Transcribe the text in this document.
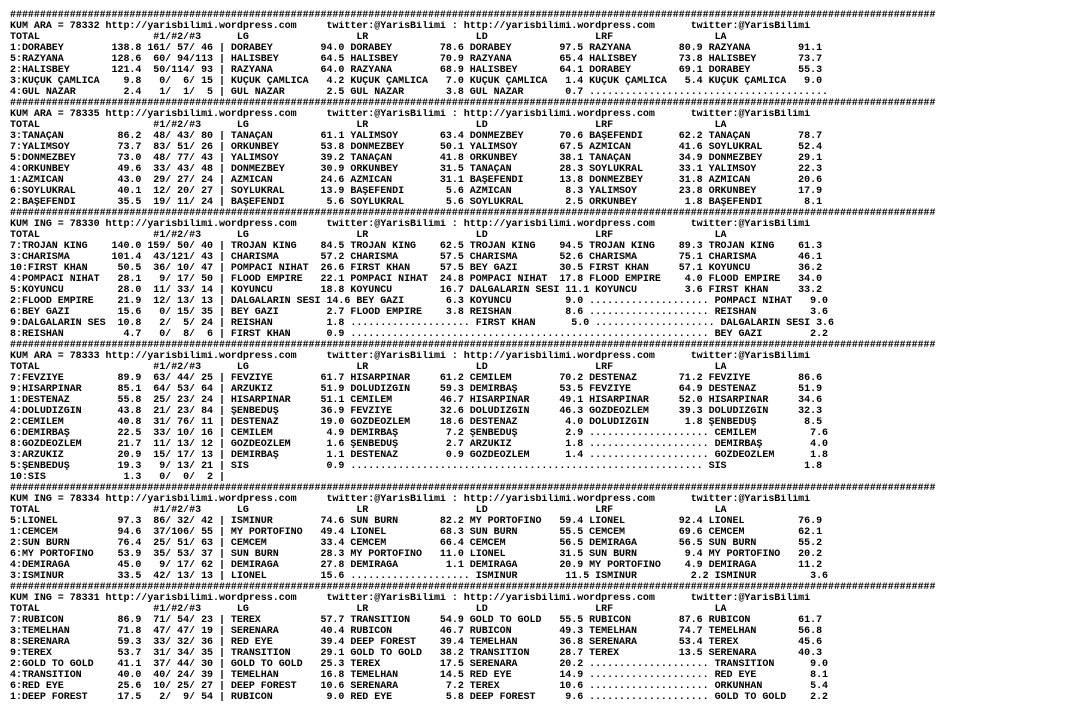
###########################################################################################################################################################
KUM ARA = 78332 http://yarisbilimi.wordpress.com     twitter:@YarisBilimi : http://yarisbilimi.wordpress.com      twitter:@YarisBilimi
TOTAL                   #1/#2/#3      LG                  LR                  LD                  LRF                 LA
1:DORABEY        138.8 161/ 57/ 46 | DORABEY        94.0 DORABEY        78.6 DORABEY        97.5 RAZYANA        80.9 RAZYANA        91.1
5:RAZYANA        128.6  60/ 94/113 | HALISBEY       64.5 HALISBEY       70.9 RAZYANA        65.4 HALISBEY       73.8 HALISBEY       73.7
2:HALISBEY       121.4  50/114/ 93 | RAZYANA        64.0 RAZYANA        68.9 HALISBEY       64.1 DORABEY        69.1 DORABEY        55.3
3:KÜÇÜK ÇAMLICA    9.8   0/  6/ 15 | KÜÇÜK ÇAMLICA   4.2 KÜÇÜK ÇAMLICA   7.0 KÜÇÜK ÇAMLICA   1.4 KÜÇÜK ÇAMLICA   5.4 KÜÇÜK ÇAMLICA   9.0
4:GÜL NAZAR        2.4   1/  1/  5 | GÜL NAZAR       2.5 GÜL NAZAR       3.8 GÜL NAZAR       0.7 ........................................
###########################################################################################################################################################
KUM ARA = 78335 http://yarisbilimi.wordpress.com     twitter:@YarisBilimi : http://yarisbilimi.wordpress.com      twitter:@YarisBilimi
TOTAL                   #1/#2/#3      LG                  LR                  LD                  LRF                 LA
3:TANAÇAN         86.2  48/ 43/ 80 | TANAÇAN        61.1 YALIMSOY       63.4 DÖNMEZBEY      70.6 BAŞEFENDİ      62.2 TANAÇAN        78.7
7:YALIMSOY        73.7  83/ 51/ 26 | ORKUNBEY       53.8 DÖNMEZBEY      50.1 YALIMSOY       67.5 AZMİCAN        41.6 SOYLUKRAL      52.4
5:DÖNMEZBEY       73.0  48/ 77/ 43 | YALIMSOY       39.2 TANAÇAN        41.8 ORKUNBEY       38.1 TANAÇAN        34.9 DÖNMEZBEY      29.1
4:ORKUNBEY        49.6  33/ 43/ 48 | DÖNMEZBEY      30.9 ORKUNBEY       31.5 TANAÇAN        28.3 SOYLUKRAL      33.1 YALIMSOY       22.3
1:AZMİCAN         43.0  29/ 27/ 24 | AZMİCAN        24.6 AZMİCAN        31.1 BAŞEFENDİ      13.8 DÖNMEZBEY      31.8 AZMİCAN        20.6
6:SOYLUKRAL       40.1  12/ 20/ 27 | SOYLUKRAL      13.9 BAŞEFENDİ       5.6 AZMİCAN         8.3 YALIMSOY       23.8 ORKUNBEY       17.9
2:BAŞEFENDİ       35.5  19/ 11/ 24 | BAŞEFENDİ       5.6 SOYLUKRAL       5.6 SOYLUKRAL       2.5 ORKUNBEY        1.8 BAŞEFENDİ       8.1
###########################################################################################################################################################
KUM ING = 78330 http://yarisbilimi.wordpress.com     twitter:@YarisBilimi : http://yarisbilimi.wordpress.com      twitter:@YarisBilimi
TOTAL                   #1/#2/#3      LG                  LR                  LD                  LRF                 LA
7:TROJAN KING    140.0 159/ 50/ 40 | TROJAN KING    84.5 TROJAN KING    62.5 TROJAN KING    94.5 TROJAN KING    89.3 TROJAN KING    61.3
3:CHARISMA       101.4  43/121/ 43 | CHARISMA       57.2 CHARISMA       57.5 CHARISMA       52.6 CHARISMA       75.1 CHARISMA       46.1
10:FIRST KHAN     50.5  36/ 10/ 47 | POMPACI NİHAT  26.6 FIRST KHAN     57.5 BEY GAZİ       30.5 FIRST KHAN     57.1 KOYUNCU        36.2
4:POMPACI NİHAT   28.1   9/ 17/ 50 | FLOOD EMPIRE   22.1 POMPACI NİHAT  24.8 POMPACI NİHAT  17.8 FLOOD EMPIRE    4.0 FLOOD EMPIRE   34.0
5:KOYUNCU         28.0  11/ 33/ 14 | KOYUNCU        18.8 KOYUNCU        16.7 DALGALARIN SESİ 11.1 KOYUNCU        3.6 FIRST KHAN     33.2
2:FLOOD EMPIRE    21.9  12/ 13/ 13 | DALGALARIN SESİ 14.6 BEY GAZİ       6.3 KOYUNCU         9.0 .................... POMPACI NİHAT   9.0
6:BEY GAZİ        15.6   0/ 15/ 35 | BEY GAZİ        2.7 FLOOD EMPIRE    3.8 REİSHAN         8.6 .................... REİSHAN         3.6
9:DALGALARIN SES  10.8   2/  5/ 24 | REİSHAN         1.8 .................... FIRST KHAN      5.0 .................... DALGALARIN SESİ 3.6
8:REİSHAN          4.7   0/  8/  6 | FIRST KHAN      0.9 ............................................................ BEY GAZİ        2.2
###########################################################################################################################################################
KUM ARA = 78333 http://yarisbilimi.wordpress.com     twitter:@YarisBilimi : http://yarisbilimi.wordpress.com      twitter:@YarisBilimi
TOTAL                   #1/#2/#3      LG                  LR                  LD                  LRF                 LA
7:FEVZİYE         89.9  63/ 44/ 25 | FEVZİYE        61.7 HİSARPINAR     61.2 CEMİLEM        70.2 DESTENAZ       71.2 FEVZİYE        86.6
9:HİSARPINAR      85.1  64/ 53/ 64 | ARZUKIZ        51.9 DOLUDİZGİN     59.3 DEMİRBAŞ       53.5 FEVZİYE        64.9 DESTENAZ       51.9
1:DESTENAZ        55.8  25/ 23/ 24 | HİSARPINAR     51.1 CEMİLEM        46.7 HİSARPINAR     49.1 HİSARPINAR     52.0 HİSARPINAR     34.6
4:DOLUDİZGİN      43.8  21/ 23/ 84 | ŞENBEDÜŞ       36.9 FEVZİYE        32.6 DOLUDİZGİN     46.3 GÖZDEÖZLEM     39.3 DOLUDİZGİN     32.3
2:CEMİLEM         40.8  31/ 76/ 11 | DESTENAZ       19.0 GÖZDEÖZLEM     18.6 DESTENAZ        4.0 DOLUDİZGİN      1.8 ŞENBEDÜŞ        8.5
6:DEMİRBAŞ        22.5  33/ 10/ 16 | CEMİLEM         4.9 DEMİRBAŞ        7.2 ŞENBEDÜŞ        2.9 .................... CEMİLEM         7.6
8:GÖZDEÖZLEM      21.7  11/ 13/ 12 | GÖZDEÖZLEM      1.6 ŞENBEDÜŞ        2.7 ARZUKIZ         1.8 .................... DEMİRBAŞ        4.0
3:ARZUKIZ         20.9  15/ 17/ 13 | DEMİRBAŞ        1.1 DESTENAZ        0.9 GÖZDEÖZLEM      1.4 .................... GÖZDEÖZLEM      1.8
5:ŞENBEDÜŞ        19.3   9/ 13/ 21 | SİS             0.9 ........................................................... SİS             1.8
10:SİS             1.3   0/  0/  2 |
###########################################################################################################################################################
KUM ING = 78334 http://yarisbilimi.wordpress.com     twitter:@YarisBilimi : http://yarisbilimi.wordpress.com      twitter:@YarisBilimi
TOTAL                   #1/#2/#3      LG                  LR                  LD                  LRF                 LA
5:LIONEL          97.3  86/ 32/ 42 | İSMİNUR        74.6 SUN BURN       82.2 MY PORTOFİNO   59.4 LIONEL         92.4 LIONEL         76.9
1:CEMCEM          94.6  37/106/ 55 | MY PORTOFİNO   49.4 LIONEL         68.3 SUN BURN       55.5 CEMCEM         69.6 CEMCEM         62.1
2:SUN BURN        76.4  25/ 51/ 63 | CEMCEM         33.4 CEMCEM         66.4 CEMCEM         56.5 DEMİRAĞA       56.5 SUN BURN       55.2
6:MY PORTOFİNO    53.9  35/ 53/ 37 | SUN BURN       28.3 MY PORTOFİNO   11.0 LIONEL         31.5 SUN BURN        9.4 MY PORTOFİNO   20.2
4:DEMİRAĞA        45.0   9/ 17/ 62 | DEMİRAĞA       27.8 DEMİRAĞA        1.1 DEMİRAĞA       20.9 MY PORTOFİNO    4.9 DEMİRAĞA       11.2
3:İSMİNUR         33.5  42/ 13/ 13 | LIONEL         15.6 .................... İSMİNUR        11.5 İSMİNUR         2.2 İSMİNUR         3.6
###########################################################################################################################################################
KUM ING = 78331 http://yarisbilimi.wordpress.com     twitter:@YarisBilimi : http://yarisbilimi.wordpress.com      twitter:@YarisBilimi
TOTAL                   #1/#2/#3      LG                  LR                  LD                  LRF                 LA
7:RUBICON         86.9  71/ 54/ 23 | TEREX          57.7 TRANSITION     54.9 GOLD TO GOLD   55.5 RUBICON        87.6 RUBICON        61.7
3:TEMELHAN        71.8  47/ 47/ 19 | SERENARA       40.4 RUBICON        46.7 RUBICON        49.3 TEMELHAN       74.7 TEMELHAN       56.8
8:SERENARA        59.3  33/ 32/ 36 | RED EYE        39.4 DEEP FOREST    39.4 TEMELHAN       36.8 SERENARA       53.4 TEREX          45.6
9:TEREX           53.7  31/ 34/ 35 | TRANSITION     29.1 GOLD TO GOLD   38.2 TRANSITION     28.7 TEREX          13.5 SERENARA       40.3
2:GOLD TO GOLD    41.1  37/ 44/ 30 | GOLD TO GOLD   25.3 TEREX          17.5 SERENARA       20.2 .................... TRANSITION      9.0
4:TRANSITION      40.0  40/ 24/ 39 | TEMELHAN       16.8 TEMELHAN       14.5 RED EYE        14.9 .................... RED EYE         8.1
6:RED EYE         25.6  10/ 25/ 27 | DEEP FOREST    10.6 SERENARA        7.2 TEREX          10.6 .................... ORKUNHAN        5.4
1:DEEP FOREST     17.5   2/  9/ 54 | RUBICON         9.0 RED EYE         5.8 DEEP FOREST     9.6 .................... GOLD TO GOLD    2.2
